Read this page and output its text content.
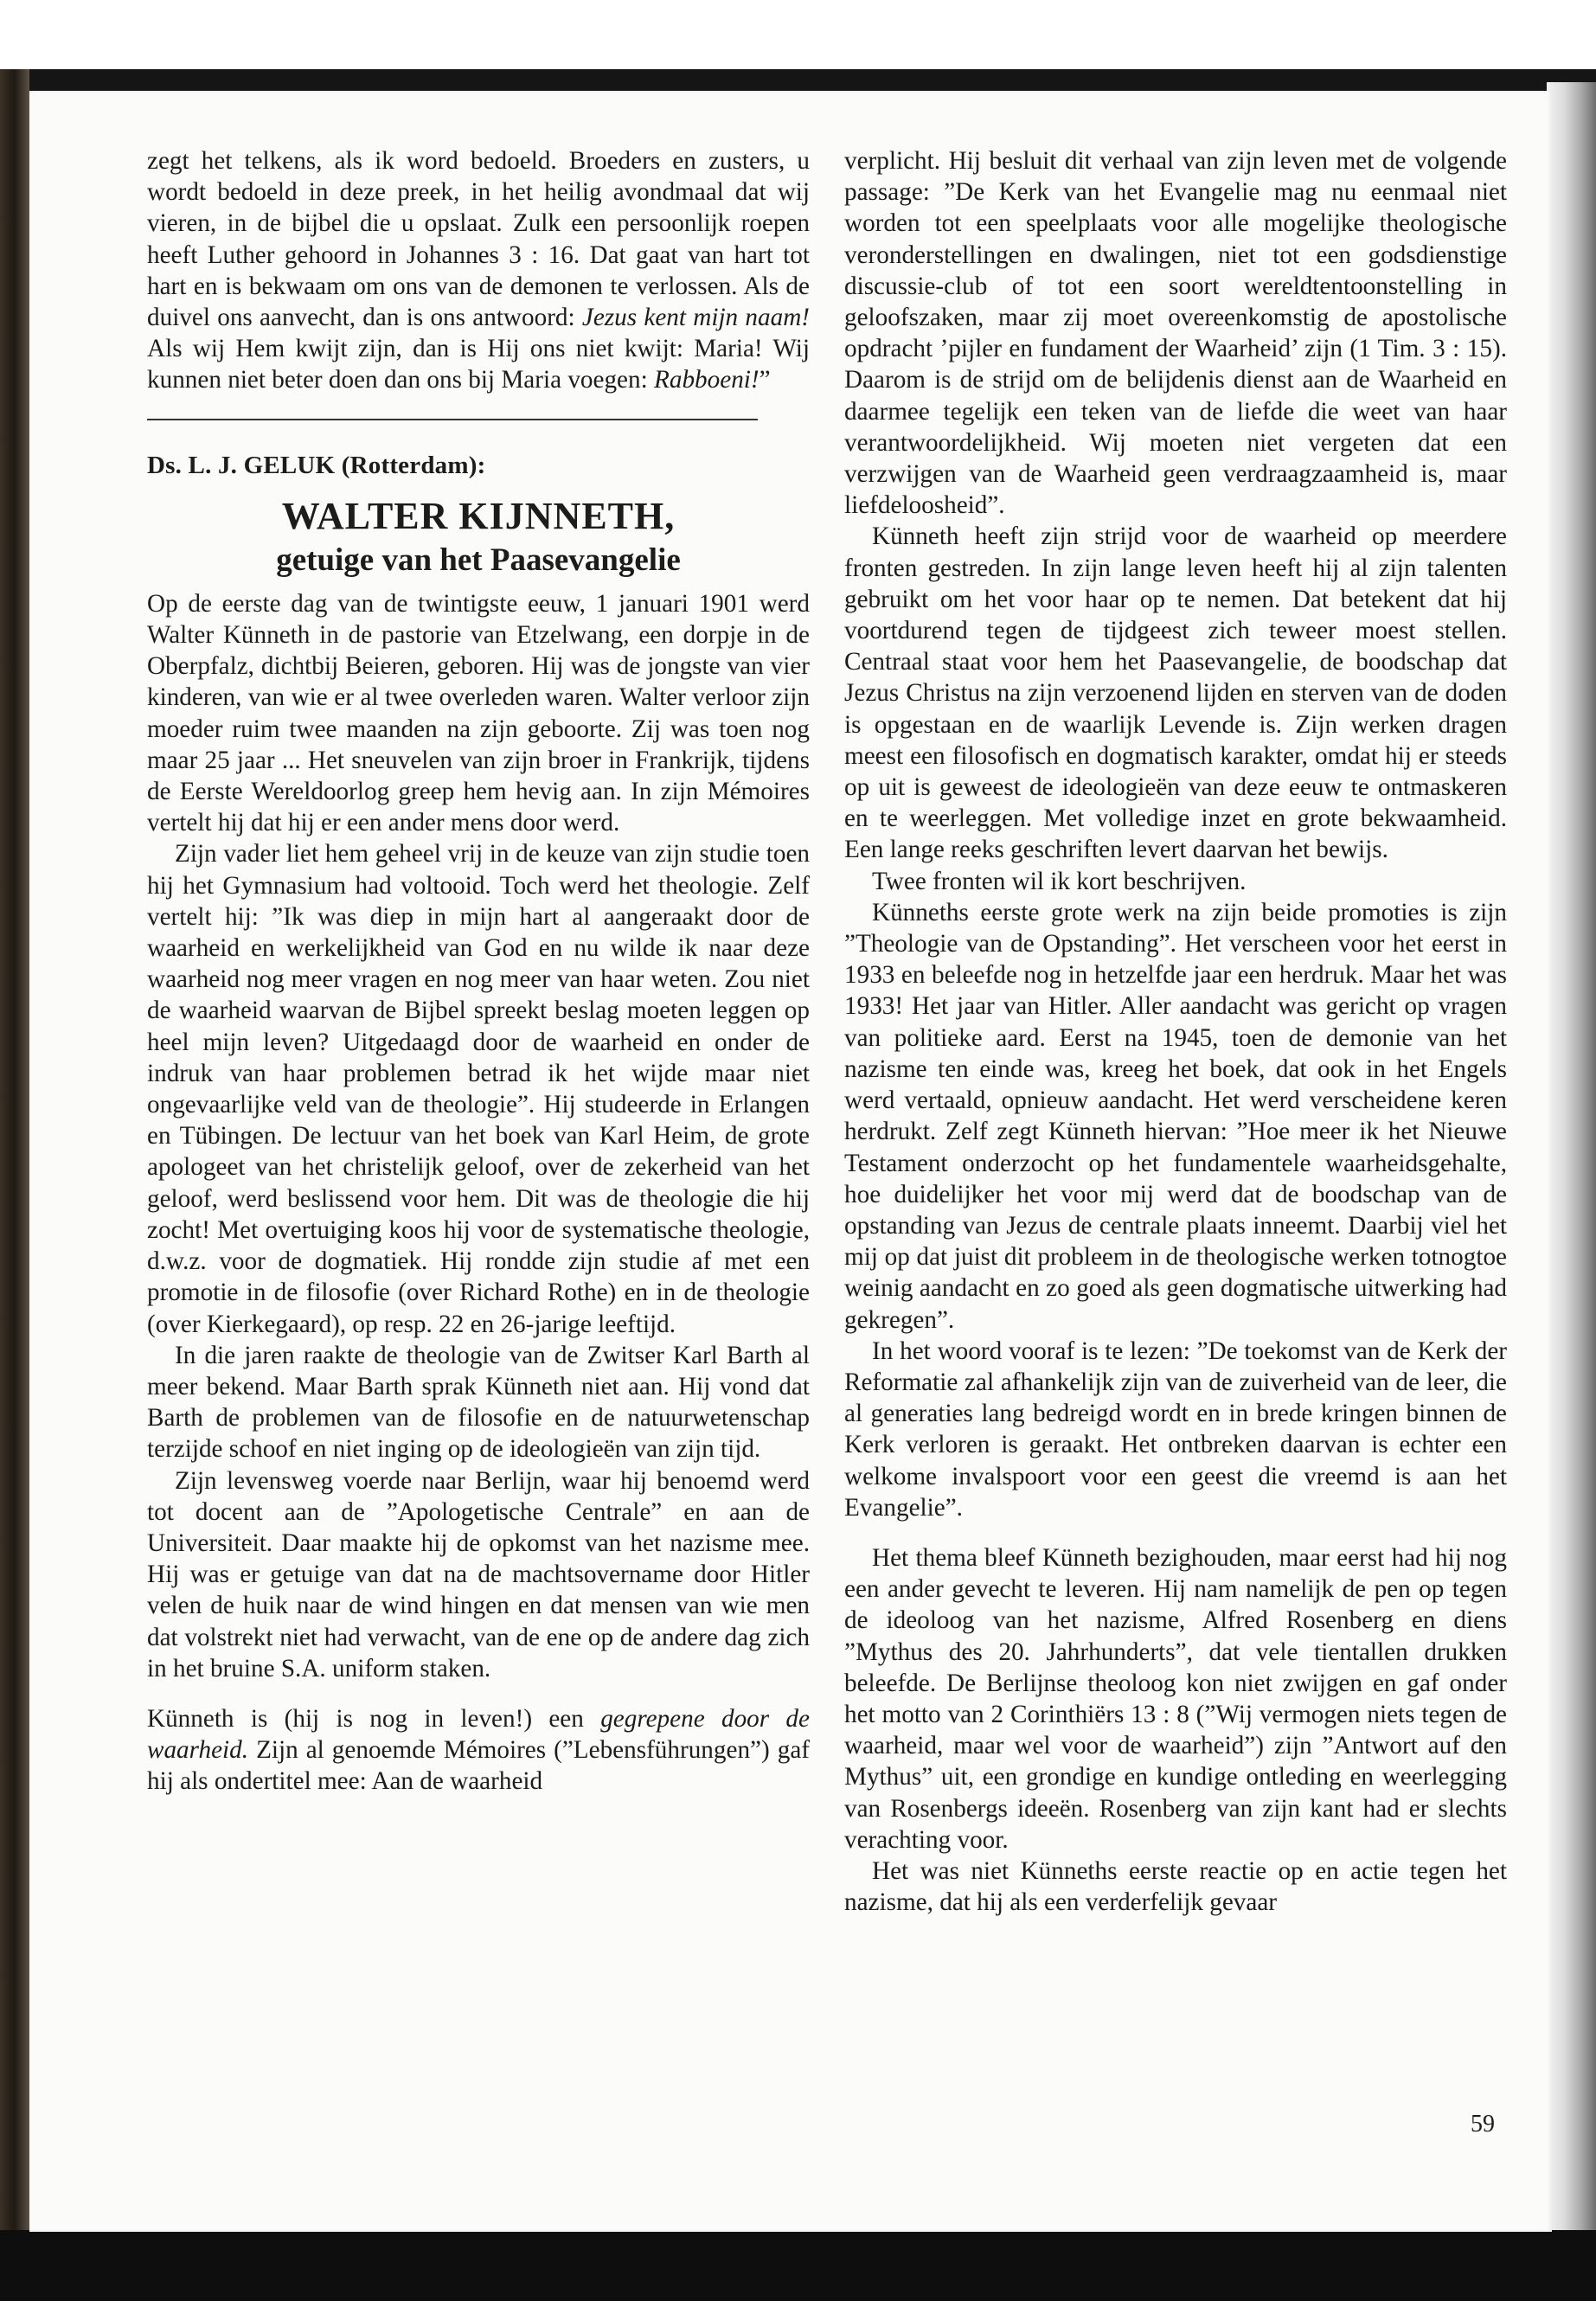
zegt het telkens, als ik word bedoeld. Broeders en zusters, u wordt bedoeld in deze preek, in het heilig avondmaal dat wij vieren, in de bijbel die u opslaat. Zulk een persoonlijk roepen heeft Luther gehoord in Johannes 3 : 16. Dat gaat van hart tot hart en is bekwaam om ons van de demonen te verlossen. Als de duivel ons aanvecht, dan is ons antwoord: Jezus kent mijn naam! Als wij Hem kwijt zijn, dan is Hij ons niet kwijt: Maria! Wij kunnen niet beter doen dan ons bij Maria voegen: Rabboeni!”

Ds. L. J. GELUK (Rotterdam):
WALTER KIJNNETH,
getuige van het Paasevangelie

Op de eerste dag van de twintigste eeuw, 1 januari 1901 werd Walter Künneth in de pastorie van Etzelwang, een dorpje in de Oberpfalz, dichtbij Beieren, geboren. Hij was de jongste van vier kinderen, van wie er al twee overleden waren. Walter verloor zijn moeder ruim twee maanden na zijn geboorte. Zij was toen nog maar 25 jaar ... Het sneuvelen van zijn broer in Frankrijk, tijdens de Eerste Wereldoorlog greep hem hevig aan. In zijn Mémoires vertelt hij dat hij er een ander mens door werd.

Zijn vader liet hem geheel vrij in de keuze van zijn studie toen hij het Gymnasium had voltooid. Toch werd het theologie. Zelf vertelt hij: ”Ik was diep in mijn hart al aangeraakt door de waarheid en werkelijkheid van God en nu wilde ik naar deze waarheid nog meer vragen en nog meer van haar weten. Zou niet de waarheid waarvan de Bijbel spreekt beslag moeten leggen op heel mijn leven? Uitgedaagd door de waarheid en onder de indruk van haar problemen betrad ik het wijde maar niet ongevaarlijke veld van de theologie”. Hij studeerde in Erlangen en Tübingen. De lectuur van het boek van Karl Heim, de grote apologeet van het christelijk geloof, over de zekerheid van het geloof, werd beslissend voor hem. Dit was de theologie die hij zocht! Met overtuiging koos hij voor de systematische theologie, d.w.z. voor de dogmatiek. Hij rondde zijn studie af met een promotie in de filosofie (over Richard Rothe) en in de theologie (over Kierkegaard), op resp. 22 en 26-jarige leeftijd.

In die jaren raakte de theologie van de Zwitser Karl Barth al meer bekend. Maar Barth sprak Künneth niet aan. Hij vond dat Barth de problemen van de filosofie en de natuurwetenschap terzijde schoof en niet inging op de ideologieën van zijn tijd.

Zijn levensweg voerde naar Berlijn, waar hij benoemd werd tot docent aan de ”Apologetische Centrale” en aan de Universiteit. Daar maakte hij de opkomst van het nazisme mee. Hij was er getuige van dat na de machtsovername door Hitler velen de huik naar de wind hingen en dat mensen van wie men dat volstrekt niet had verwacht, van de ene op de andere dag zich in het bruine S.A. uniform staken.

Künneth is (hij is nog in leven!) een gegrepene door de waarheid. Zijn al genoemde Mémoires (”Lebensführungen”) gaf hij als ondertitel mee: Aan de waarheid

verplicht. Hij besluit dit verhaal van zijn leven met de volgende passage: ”De Kerk van het Evangelie mag nu eenmaal niet worden tot een speelplaats voor alle mogelijke theologische veronderstellingen en dwalingen, niet tot een godsdienstige discussie-club of tot een soort wereldtentoonstelling in geloofszaken, maar zij moet overeenkomstig de apostolische opdracht ’pijler en fundament der Waarheid’ zijn (1 Tim. 3 : 15). Daarom is de strijd om de belijdenis dienst aan de Waarheid en daarmee tegelijk een teken van de liefde die weet van haar verantwoordelijkheid. Wij moeten niet vergeten dat een verzwijgen van de Waarheid geen verdraagzaamheid is, maar liefdeloosheid”.

Künneth heeft zijn strijd voor de waarheid op meerdere fronten gestreden. In zijn lange leven heeft hij al zijn talenten gebruikt om het voor haar op te nemen. Dat betekent dat hij voortdurend tegen de tijdgeest zich teweer moest stellen. Centraal staat voor hem het Paasevangelie, de boodschap dat Jezus Christus na zijn verzoenend lijden en sterven van de doden is opgestaan en de waarlijk Levende is. Zijn werken dragen meest een filosofisch en dogmatisch karakter, omdat hij er steeds op uit is geweest de ideologieën van deze eeuw te ontmaskeren en te weerleggen. Met volledige inzet en grote bekwaamheid. Een lange reeks geschriften levert daarvan het bewijs.

Twee fronten wil ik kort beschrijven.

Künneths eerste grote werk na zijn beide promoties is zijn ”Theologie van de Opstanding”. Het verscheen voor het eerst in 1933 en beleefde nog in hetzelfde jaar een herdruk. Maar het was 1933! Het jaar van Hitler. Aller aandacht was gericht op vragen van politieke aard. Eerst na 1945, toen de demonie van het nazisme ten einde was, kreeg het boek, dat ook in het Engels werd vertaald, opnieuw aandacht. Het werd verscheidene keren herdrukt. Zelf zegt Künneth hiervan: ”Hoe meer ik het Nieuwe Testament onderzocht op het fundamentele waarheidsgehalte, hoe duidelijker het voor mij werd dat de boodschap van de opstanding van Jezus de centrale plaats inneemt. Daarbij viel het mij op dat juist dit probleem in de theologische werken totnogtoe weinig aandacht en zo goed als geen dogmatische uitwerking had gekregen”.

In het woord vooraf is te lezen: ”De toekomst van de Kerk der Reformatie zal afhankelijk zijn van de zuiverheid van de leer, die al generaties lang bedreigd wordt en in brede kringen binnen de Kerk verloren is geraakt. Het ontbreken daarvan is echter een welkome invalspoort voor een geest die vreemd is aan het Evangelie”.

Het thema bleef Künneth bezighouden, maar eerst had hij nog een ander gevecht te leveren. Hij nam namelijk de pen op tegen de ideoloog van het nazisme, Alfred Rosenberg en diens ”Mythus des 20. Jahrhunderts”, dat vele tientallen drukken beleefde. De Berlijnse theoloog kon niet zwijgen en gaf onder het motto van 2 Corinthiërs 13 : 8 (”Wij vermogen niets tegen de waarheid, maar wel voor de waarheid”) zijn ”Antwort auf den Mythus” uit, een grondige en kundige ontleding en weerlegging van Rosenbergs ideeën. Rosenberg van zijn kant had er slechts verachting voor.

Het was niet Künneths eerste reactie op en actie tegen het nazisme, dat hij als een verderfelijk gevaar

59
